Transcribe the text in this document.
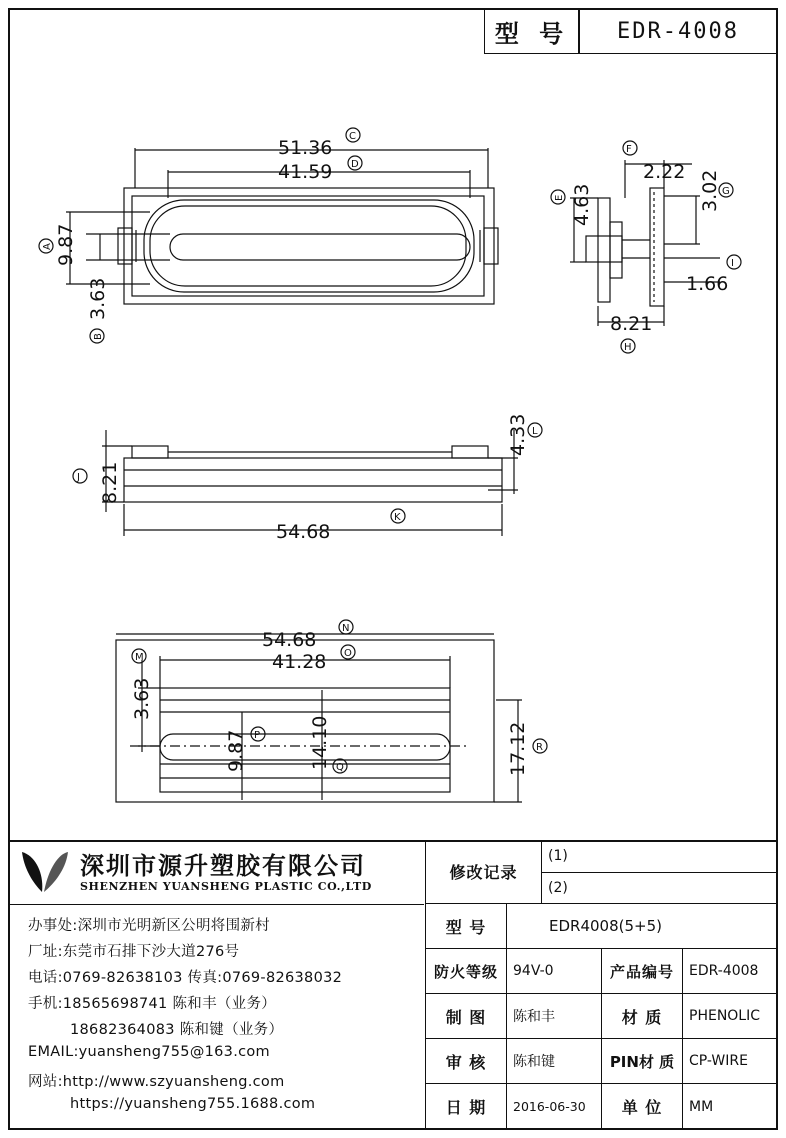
型 号 EDR-4008
51.36
C
41.59 D
9.87
A
3.63
B
2.22
F
4.63
E	3.02 G
1.66
I
8.21
H
4.33 L
8.21
J
54.68
K
54.68
N
41.28 O
3.63
M
9.87 P	14.10 Q	17.12 R
深圳市源升塑胶有限公司
SHENZHEN YUANSHENG PLASTIC CO.,LTD
办事处:深圳市光明新区公明将围新村
厂址:东莞市石排下沙大道276号
电话:0769-82638103 传真:0769-82638032
手机:18565698741 陈和丰（业务）
18682364083 陈和键（业务）
EMAIL:yuansheng755@163.com
网站:http://www.szyuansheng.com
https://yuansheng755.1688.com
修改记录
(1)
(2)
型 号	EDR4008(5+5)
防火等级 94V-0	产品编号 EDR-4008
制 图 陈和丰	材 质 PHENOLIC
审 核 陈和键	PIN材 质 CP-WIRE
日 期 2016-06-30 单 位 MM
